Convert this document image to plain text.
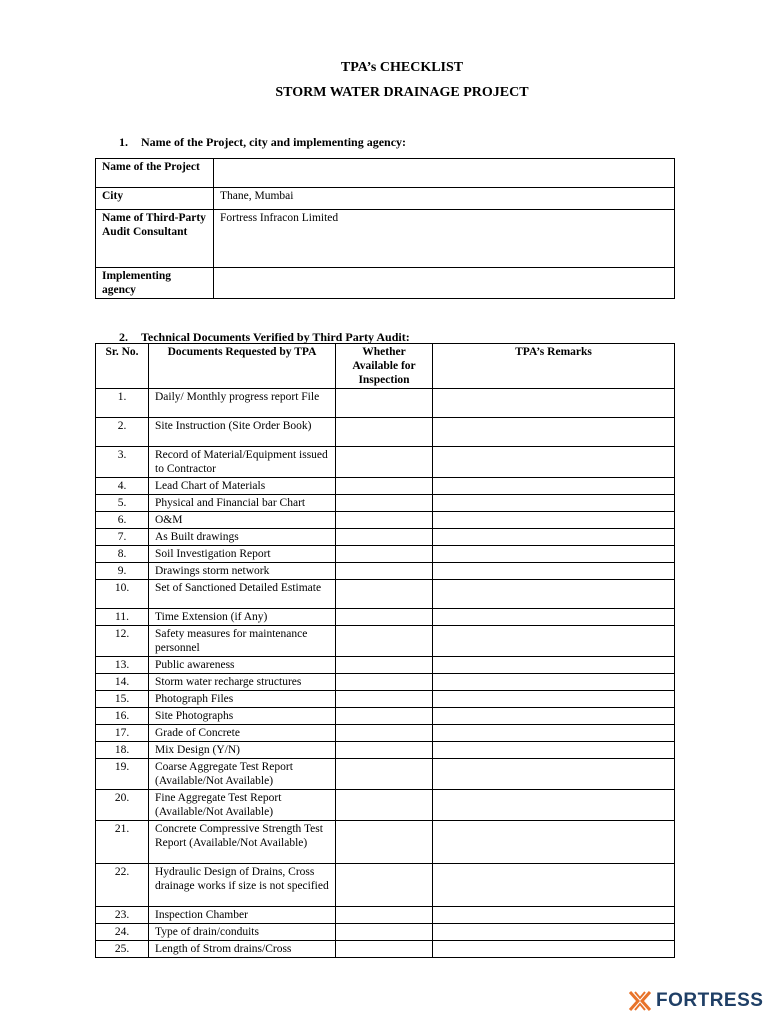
TPA’s CHECKLIST
STORM WATER DRAINAGE PROJECT
1. Name of the Project, city and implementing agency:
Name of the Project	
City	Thane, Mumbai
Name of Third-Party Audit Consultant	Fortress Infracon Limited
Implementing agency	
2. Technical Documents Verified by Third Party Audit:
Sr. No.	Documents Requested by TPA	Whether Available for Inspection	TPA’s Remarks
1.	Daily/ Monthly progress report File		
2.	Site Instruction (Site Order Book)		
3.	Record of Material/Equipment issued to Contractor		
4.	Lead Chart of Materials		
5.	Physical and Financial bar Chart		
6.	O&M		
7.	As Built drawings		
8.	Soil Investigation Report		
9.	Drawings storm network		
10.	Set of Sanctioned Detailed Estimate		
11.	Time Extension (if Any)		
12.	Safety measures for maintenance personnel		
13.	Public awareness		
14.	Storm water recharge structures		
15.	Photograph Files		
16.	Site Photographs		
17.	Grade of Concrete		
18.	Mix Design (Y/N)		
19.	Coarse Aggregate Test Report (Available/Not Available)		
20.	Fine Aggregate Test Report (Available/Not Available)		
21.	Concrete Compressive Strength Test Report (Available/Not Available)		
22.	Hydraulic Design of Drains, Cross drainage works if size is not specified		
23.	Inspection Chamber		
24.	Type of drain/conduits		
25.	Length of Strom drains/Cross		
FORTRESS
